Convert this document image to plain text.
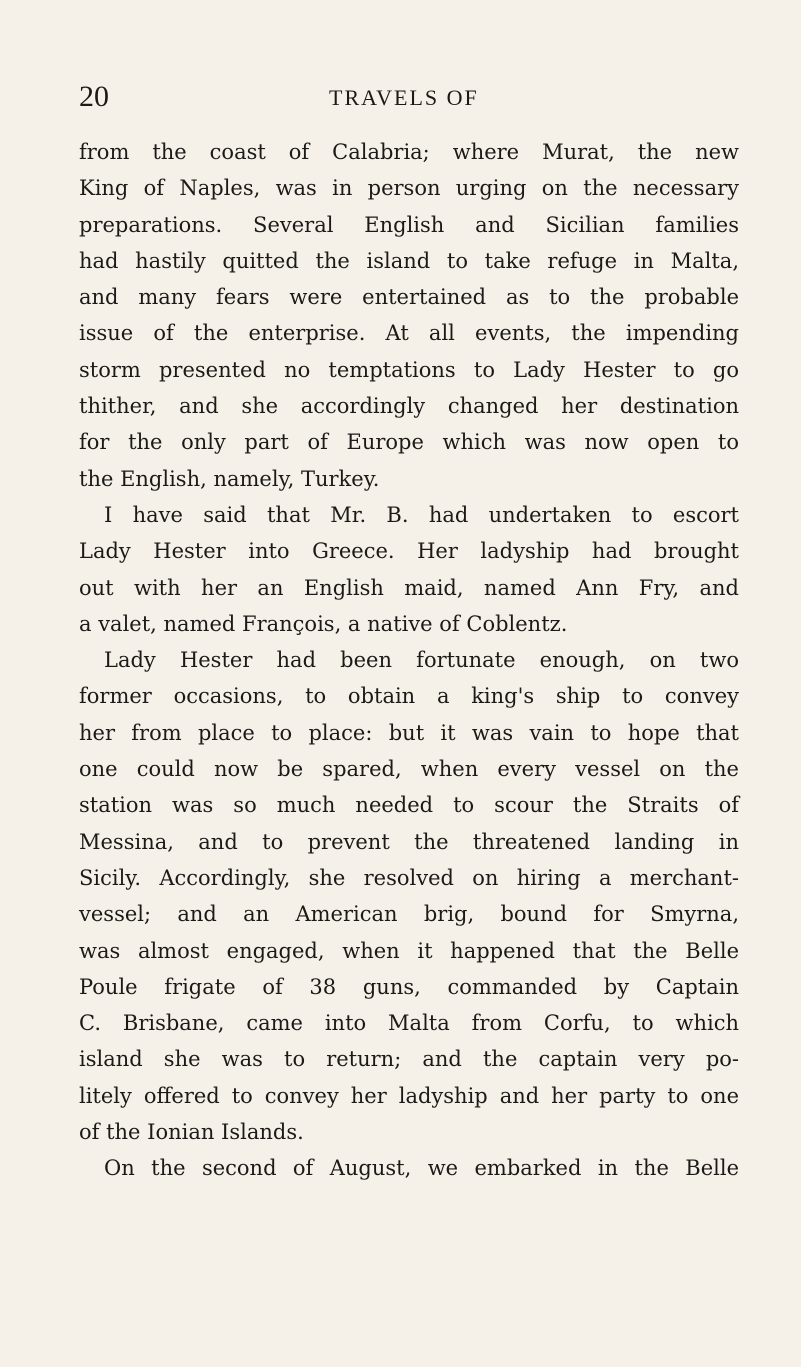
20	TRAVELS OF
from the coast of Calabria; where Murat, the new
King of Naples, was in person urging on the necessary
preparations. Several English and Sicilian families
had hastily quitted the island to take refuge in Malta,
and many fears were entertained as to the probable
issue of the enterprise. At all events, the impending
storm presented no temptations to Lady Hester to go
thither, and she accordingly changed her destination
for the only part of Europe which was now open to
the English, namely, Turkey.
I have said that Mr. B. had undertaken to escort
Lady Hester into Greece. Her ladyship had brought
out with her an English maid, named Ann Fry, and
a valet, named François, a native of Coblentz.
Lady Hester had been fortunate enough, on two
former occasions, to obtain a king's ship to convey
her from place to place: but it was vain to hope that
one could now be spared, when every vessel on the
station was so much needed to scour the Straits of
Messina, and to prevent the threatened landing in
Sicily. Accordingly, she resolved on hiring a merchant-
vessel; and an American brig, bound for Smyrna,
was almost engaged, when it happened that the Belle
Poule frigate of 38 guns, commanded by Captain
C. Brisbane, came into Malta from Corfu, to which
island she was to return; and the captain very po-
litely offered to convey her ladyship and her party to one
of the Ionian Islands.
On the second of August, we embarked in the Belle
